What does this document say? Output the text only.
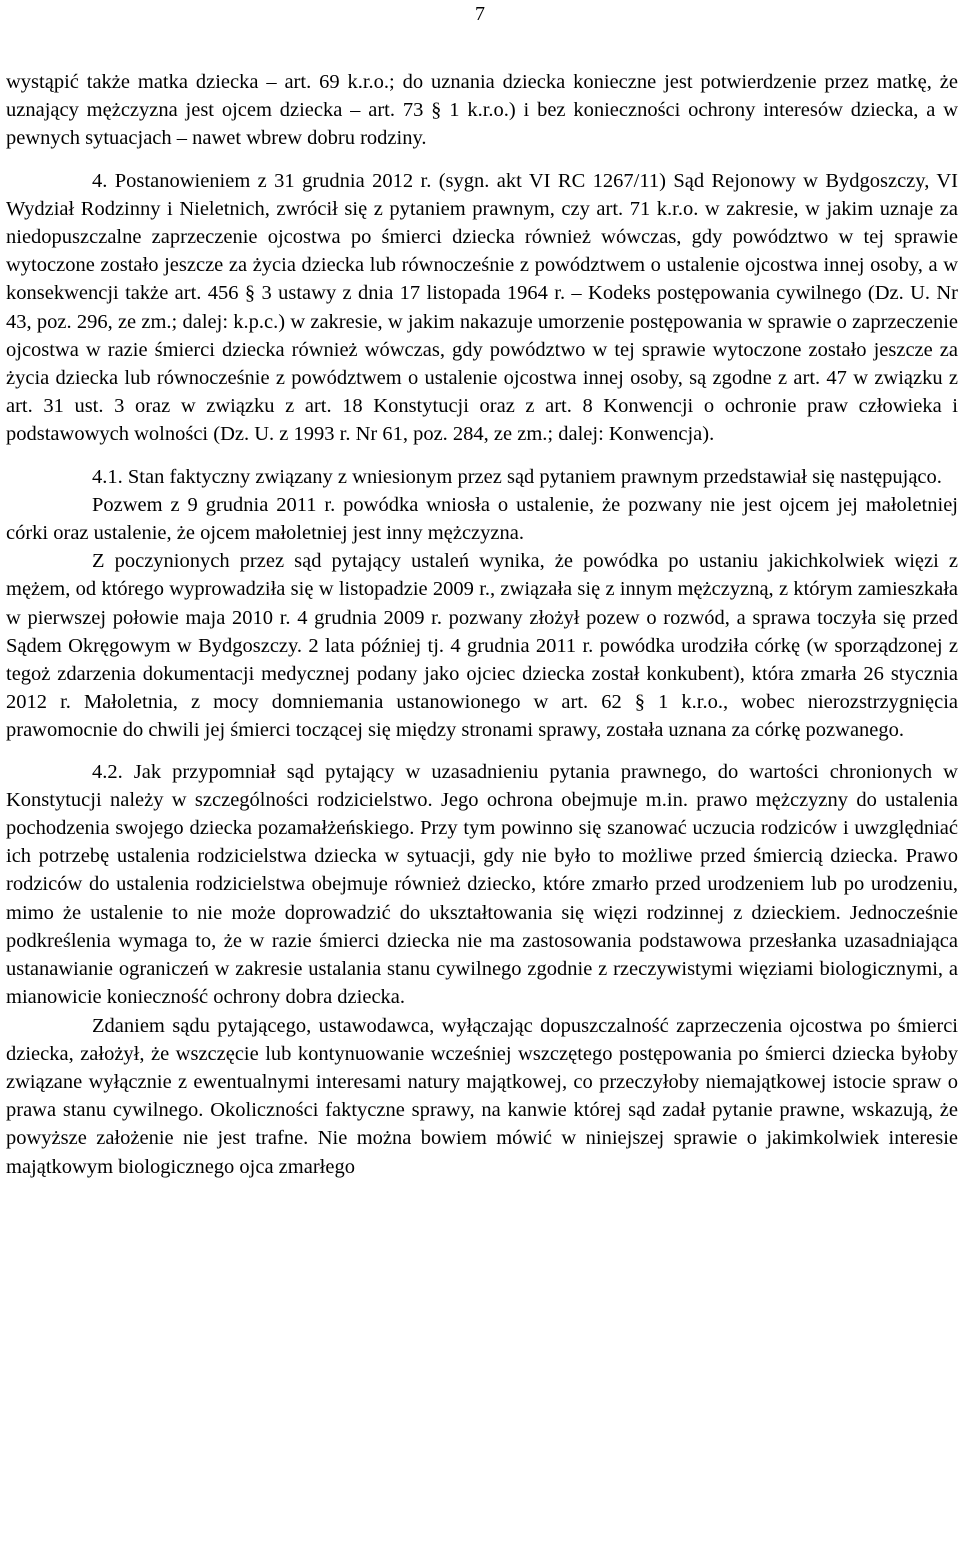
7

wystąpić także matka dziecka – art. 69 k.r.o.; do uznania dziecka konieczne jest potwierdzenie przez matkę, że uznający mężczyzna jest ojcem dziecka – art. 73 § 1 k.r.o.) i bez konieczności ochrony interesów dziecka, a w pewnych sytuacjach – nawet wbrew dobru rodziny.

4. Postanowieniem z 31 grudnia 2012 r. (sygn. akt VI RC 1267/11) Sąd Rejonowy w Bydgoszczy, VI Wydział Rodzinny i Nieletnich, zwrócił się z pytaniem prawnym, czy art. 71 k.r.o. w zakresie, w jakim uznaje za niedopuszczalne zaprzeczenie ojcostwa po śmierci dziecka również wówczas, gdy powództwo w tej sprawie wytoczone zostało jeszcze za życia dziecka lub równocześnie z powództwem o ustalenie ojcostwa innej osoby, a w konsekwencji także art. 456 § 3 ustawy z dnia 17 listopada 1964 r. – Kodeks postępowania cywilnego (Dz. U. Nr 43, poz. 296, ze zm.; dalej: k.p.c.) w zakresie, w jakim nakazuje umorzenie postępowania w sprawie o zaprzeczenie ojcostwa w razie śmierci dziecka również wówczas, gdy powództwo w tej sprawie wytoczone zostało jeszcze za życia dziecka lub równocześnie z powództwem o ustalenie ojcostwa innej osoby, są zgodne z art. 47 w związku z art. 31 ust. 3 oraz w związku z art. 18 Konstytucji oraz z art. 8 Konwencji o ochronie praw człowieka i podstawowych wolności (Dz. U. z 1993 r. Nr 61, poz. 284, ze zm.; dalej: Konwencja).

4.1. Stan faktyczny związany z wniesionym przez sąd pytaniem prawnym przedstawiał się następująco.

Pozwem z 9 grudnia 2011 r. powódka wniosła o ustalenie, że pozwany nie jest ojcem jej małoletniej córki oraz ustalenie, że ojcem małoletniej jest inny mężczyzna.

Z poczynionych przez sąd pytający ustaleń wynika, że powódka po ustaniu jakichkolwiek więzi z mężem, od którego wyprowadziła się w listopadzie 2009 r., związała się z innym mężczyzną, z którym zamieszkała w pierwszej połowie maja 2010 r. 4 grudnia 2009 r. pozwany złożył pozew o rozwód, a sprawa toczyła się przed Sądem Okręgowym w Bydgoszczy. 2 lata później tj. 4 grudnia 2011 r. powódka urodziła córkę (w sporządzonej z tegoż zdarzenia dokumentacji medycznej podany jako ojciec dziecka został konkubent), która zmarła 26 stycznia 2012 r. Małoletnia, z mocy domniemania ustanowionego w art. 62 § 1 k.r.o., wobec nierozstrzygnięcia prawomocnie do chwili jej śmierci toczącej się między stronami sprawy, została uznana za córkę pozwanego.

4.2. Jak przypomniał sąd pytający w uzasadnieniu pytania prawnego, do wartości chronionych w Konstytucji należy w szczególności rodzicielstwo. Jego ochrona obejmuje m.in. prawo mężczyzny do ustalenia pochodzenia swojego dziecka pozamałżeńskiego. Przy tym powinno się szanować uczucia rodziców i uwzględniać ich potrzebę ustalenia rodzicielstwa dziecka w sytuacji, gdy nie było to możliwe przed śmiercią dziecka. Prawo rodziców do ustalenia rodzicielstwa obejmuje również dziecko, które zmarło przed urodzeniem lub po urodzeniu, mimo że ustalenie to nie może doprowadzić do ukształtowania się więzi rodzinnej z dzieckiem. Jednocześnie podkreślenia wymaga to, że w razie śmierci dziecka nie ma zastosowania podstawowa przesłanka uzasadniająca ustanawianie ograniczeń w zakresie ustalania stanu cywilnego zgodnie z rzeczywistymi więziami biologicznymi, a mianowicie konieczność ochrony dobra dziecka.

Zdaniem sądu pytającego, ustawodawca, wyłączając dopuszczalność zaprzeczenia ojcostwa po śmierci dziecka, założył, że wszczęcie lub kontynuowanie wcześniej wszczętego postępowania po śmierci dziecka byłoby związane wyłącznie z ewentualnymi interesami natury majątkowej, co przeczyłoby niemajątkowej istocie spraw o prawa stanu cywilnego. Okoliczności faktyczne sprawy, na kanwie której sąd zadał pytanie prawne, wskazują, że powyższe założenie nie jest trafne. Nie można bowiem mówić w niniejszej sprawie o jakimkolwiek interesie majątkowym biologicznego ojca zmarłego
